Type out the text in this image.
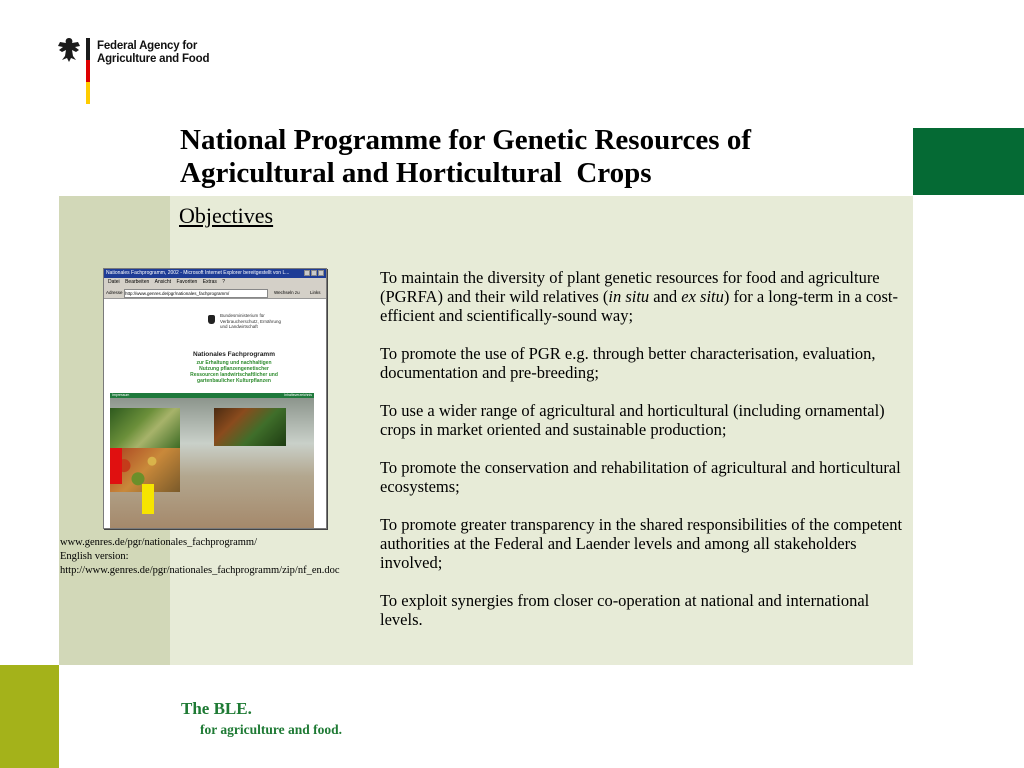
Federal Agency for
Agriculture and Food
National Programme for Genetic Resources of
Agricultural and Horticultural  Crops
Objectives
Nationales Fachprogramm, 2002 - Microsoft Internet Explorer bereitgestellt von L...
Datei Bearbeiten Ansicht Favoriten Extras ?
Adresse http://www.genres.de/pgr/nationales_fachprogramm/	Wechseln zu Links
Bundesministerium für
Verbraucherschutz, Ernährung
und Landwirtschaft
Nationales Fachprogramm
zur Erhaltung und nachhaltigen
Nutzung pflanzengenetischer
Ressourcen landwirtschaftlicher und
gartenbaulicher Kulturpflanzen
Impressum	Inhaltsverzeichnis
www.genres.de/pgr/nationales_fachprogramm/
English version:
http://www.genres.de/pgr/nationales_fachprogramm/zip/nf_en.doc

To maintain the diversity of plant genetic resources for food and agriculture (PGRFA) and their wild relatives (in situ and ex situ) for a long-term in a cost-efficient and scientifically-sound way;

To promote the use of PGR e.g. through better characterisation, evaluation, documentation and pre-breeding;

To use a wider range of agricultural and horticultural (including ornamental) crops in market oriented and sustainable production;

To promote the conservation and rehabilitation of agricultural and horticultural ecosystems;

To promote greater transparency in the shared responsibilities of the competent authorities at the Federal and Laender levels and among all stakeholders involved;

To exploit synergies from closer co-operation at national and international levels.

The BLE.
for agriculture and food.
